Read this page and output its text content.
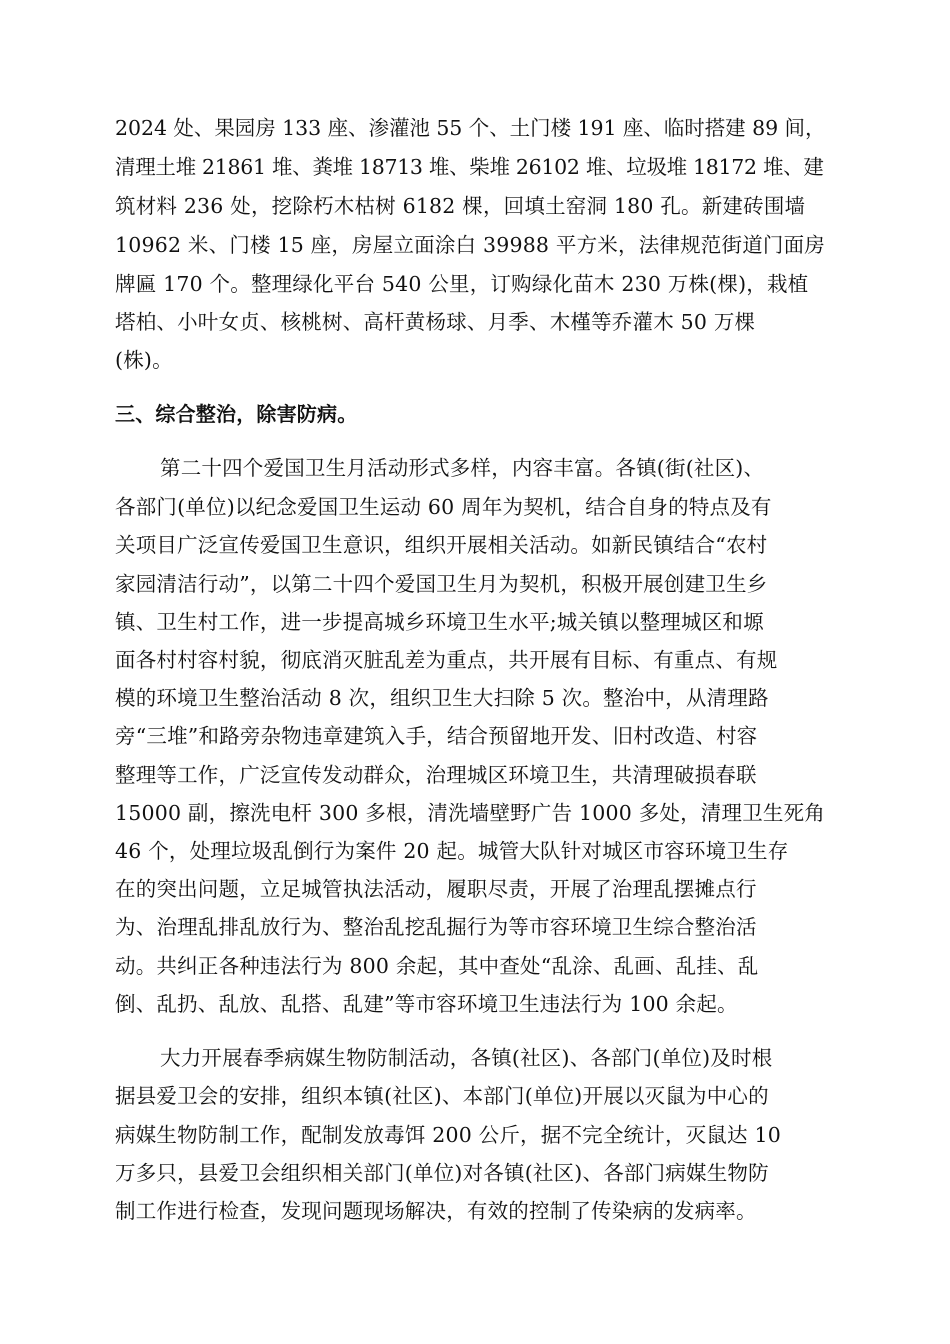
2024 处、果园房 133 座、渗灌池 55 个、土门楼 191 座、临时搭建 89 间，
清理土堆 21861 堆、粪堆 18713 堆、柴堆 26102 堆、垃圾堆 18172 堆、建
筑材料 236 处，挖除朽木枯树 6182 棵，回填土窑洞 180 孔。新建砖围墙
10962 米、门楼 15 座，房屋立面涂白 39988 平方米，法律规范街道门面房
牌匾 170 个。整理绿化平台 540 公里，订购绿化苗木 230 万株(棵)，栽植
塔柏、小叶女贞、核桃树、高杆黄杨球、月季、木槿等乔灌木 50 万棵
(株)。
三、综合整治，除害防病。
第二十四个爱国卫生月活动形式多样，内容丰富。各镇(街(社区)、
各部门(单位)以纪念爱国卫生运动 60 周年为契机，结合自身的特点及有
关项目广泛宣传爱国卫生意识，组织开展相关活动。如新民镇结合“农村
家园清洁行动”，以第二十四个爱国卫生月为契机，积极开展创建卫生乡
镇、卫生村工作，进一步提高城乡环境卫生水平;城关镇以整理城区和塬
面各村村容村貌，彻底消灭脏乱差为重点，共开展有目标、有重点、有规
模的环境卫生整治活动 8 次，组织卫生大扫除 5 次。整治中，从清理路
旁“三堆”和路旁杂物违章建筑入手，结合预留地开发、旧村改造、村容
整理等工作，广泛宣传发动群众，治理城区环境卫生，共清理破损春联
15000 副，擦洗电杆 300 多根，清洗墙壁野广告 1000 多处，清理卫生死角
46 个，处理垃圾乱倒行为案件 20 起。城管大队针对城区市容环境卫生存
在的突出问题，立足城管执法活动，履职尽责，开展了治理乱摆摊点行
为、治理乱排乱放行为、整治乱挖乱掘行为等市容环境卫生综合整治活
动。共纠正各种违法行为 800 余起，其中查处“乱涂、乱画、乱挂、乱
倒、乱扔、乱放、乱搭、乱建”等市容环境卫生违法行为 100 余起。
大力开展春季病媒生物防制活动，各镇(社区)、各部门(单位)及时根
据县爱卫会的安排，组织本镇(社区)、本部门(单位)开展以灭鼠为中心的
病媒生物防制工作，配制发放毒饵 200 公斤，据不完全统计，灭鼠达 10
万多只，县爱卫会组织相关部门(单位)对各镇(社区)、各部门病媒生物防
制工作进行检查，发现问题现场解决，有效的控制了传染病的发病率。
